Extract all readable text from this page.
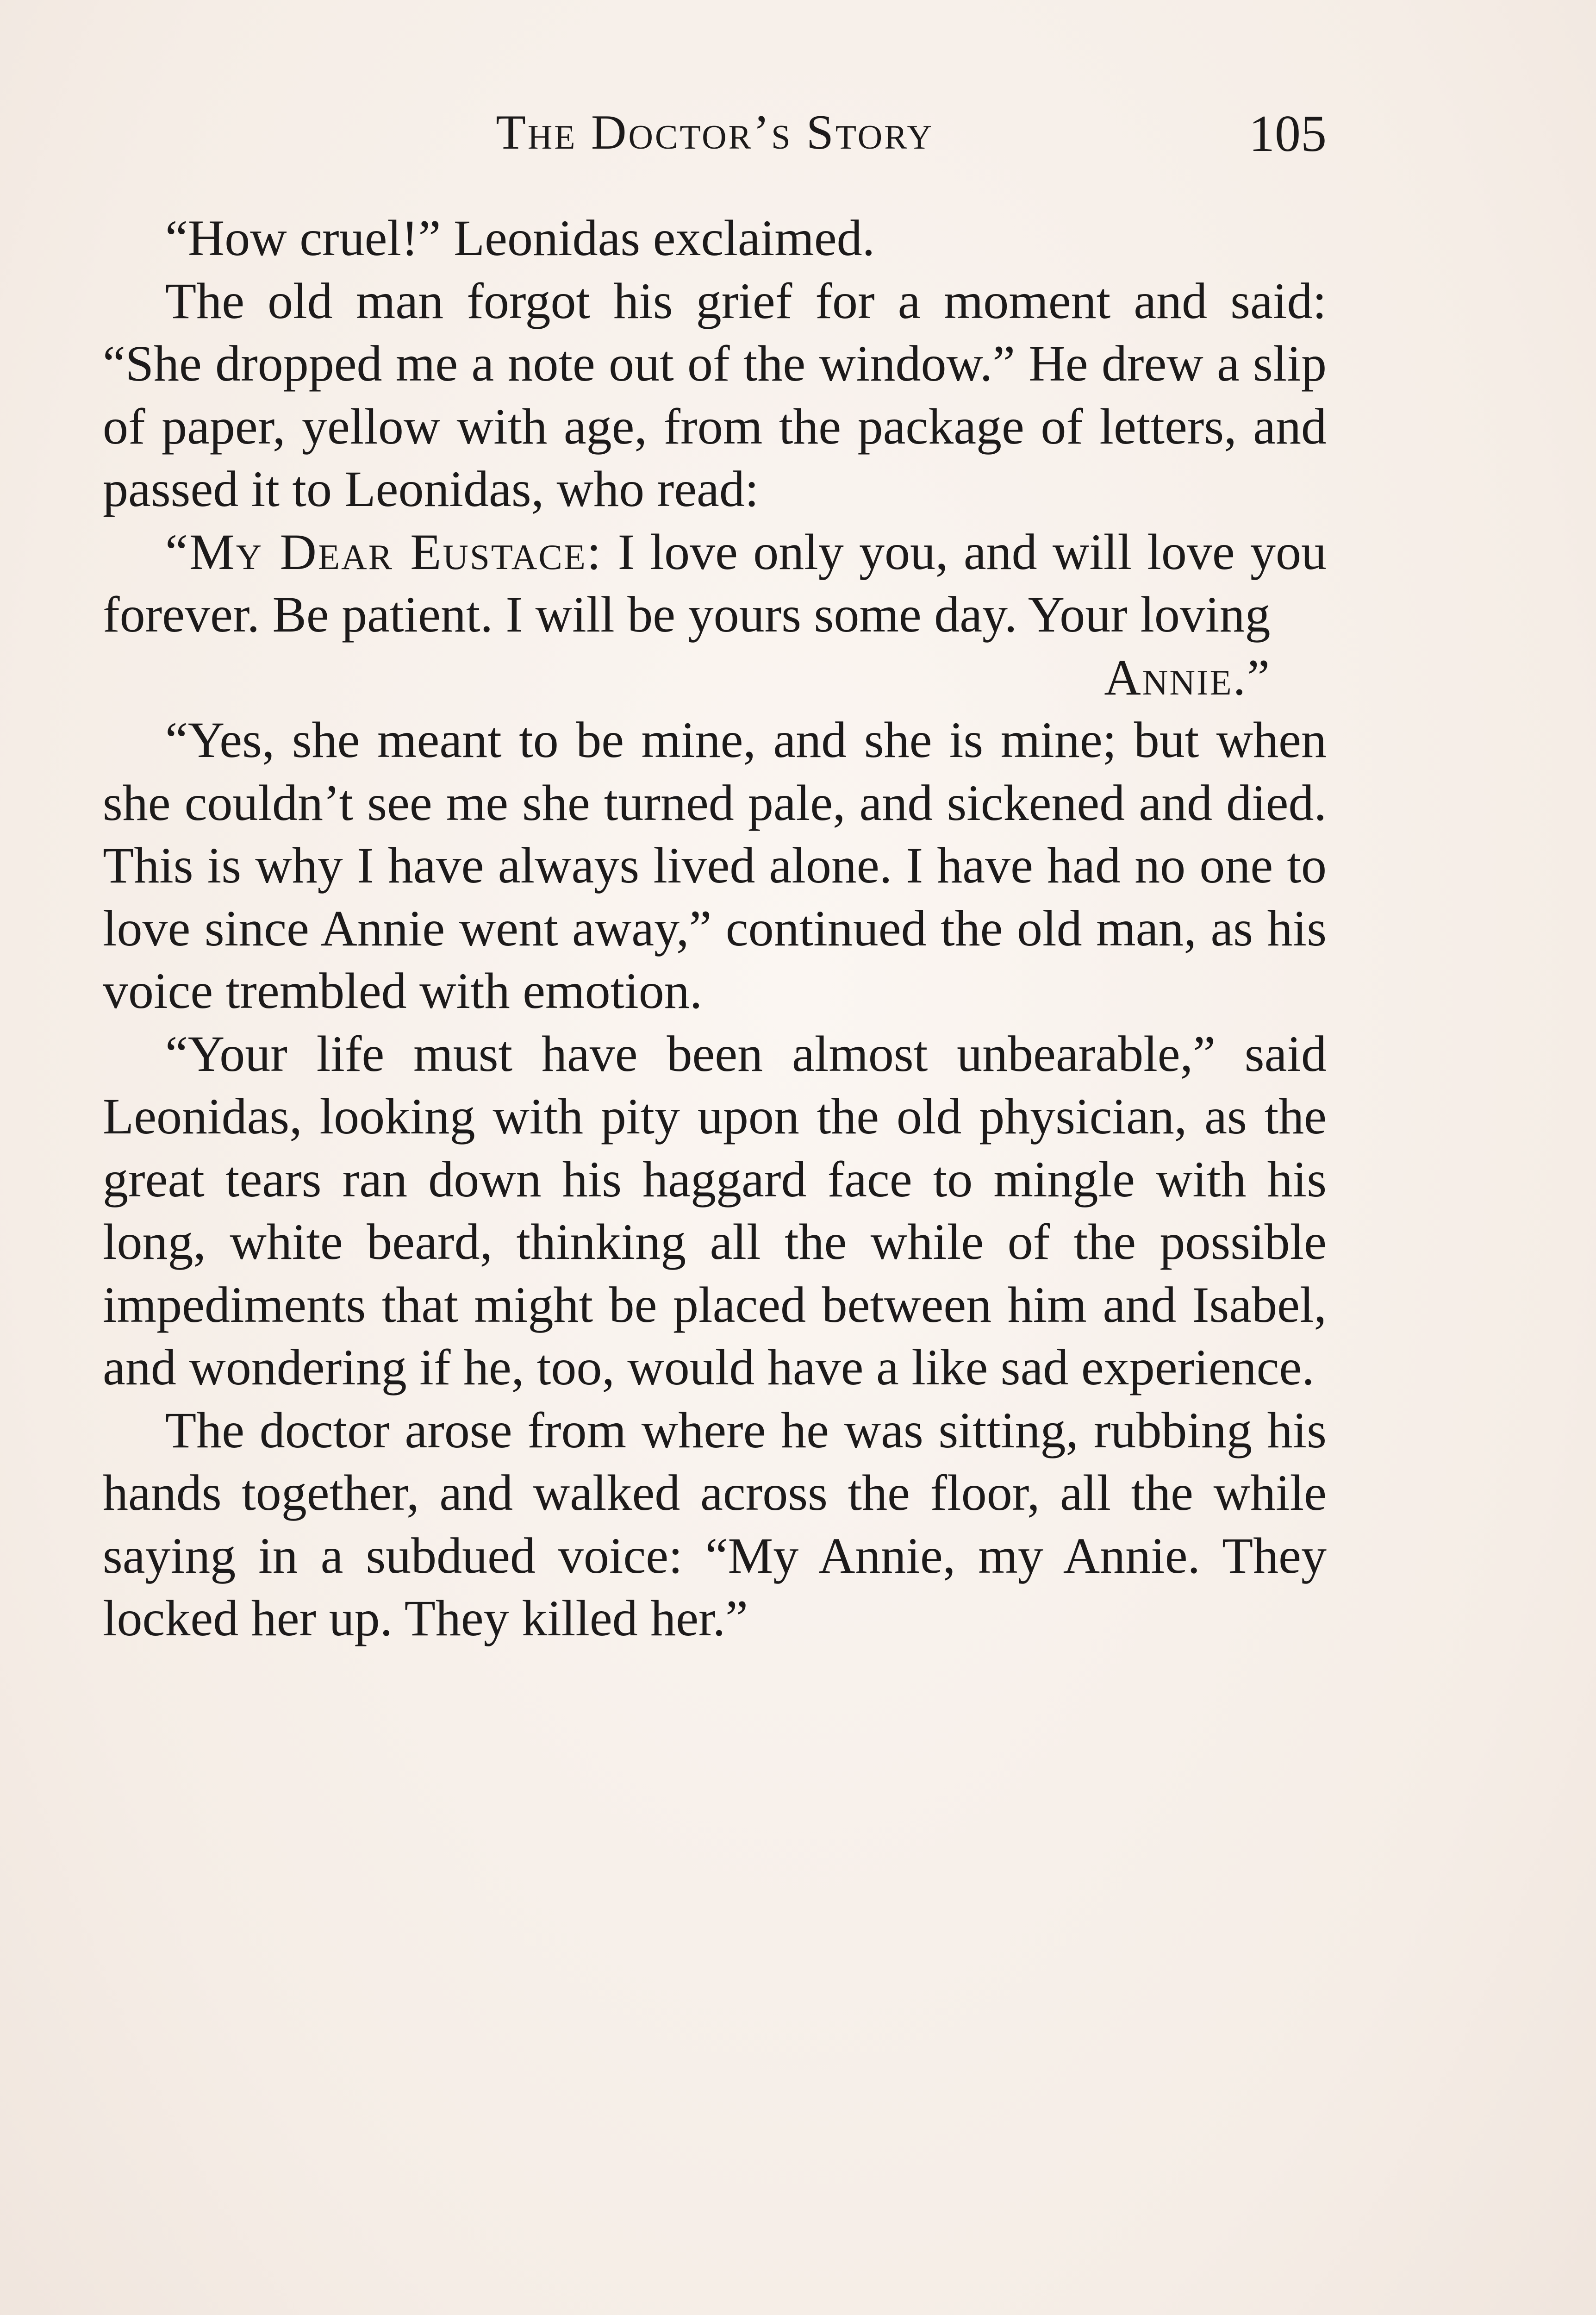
The Doctor’s Story	105

“How cruel!” Leonidas exclaimed.

The old man forgot his grief for a moment and said: “She dropped me a note out of the window.” He drew a slip of paper, yellow with age, from the package of letters, and passed it to Leonidas, who read:

“My Dear Eustace: I love only you, and will love you forever. Be patient. I will be yours some day. Your loving

Annie.”

“Yes, she meant to be mine, and she is mine; but when she couldn’t see me she turned pale, and sickened and died. This is why I have always lived alone. I have had no one to love since Annie went away,” continued the old man, as his voice trembled with emotion.

“Your life must have been almost unbearable,” said Leonidas, looking with pity upon the old physician, as the great tears ran down his haggard face to mingle with his long, white beard, thinking all the while of the possible impediments that might be placed between him and Isabel, and wondering if he, too, would have a like sad experience.

The doctor arose from where he was sitting, rubbing his hands together, and walked across the floor, all the while saying in a subdued voice: “My Annie, my Annie. They locked her up. They killed her.”
